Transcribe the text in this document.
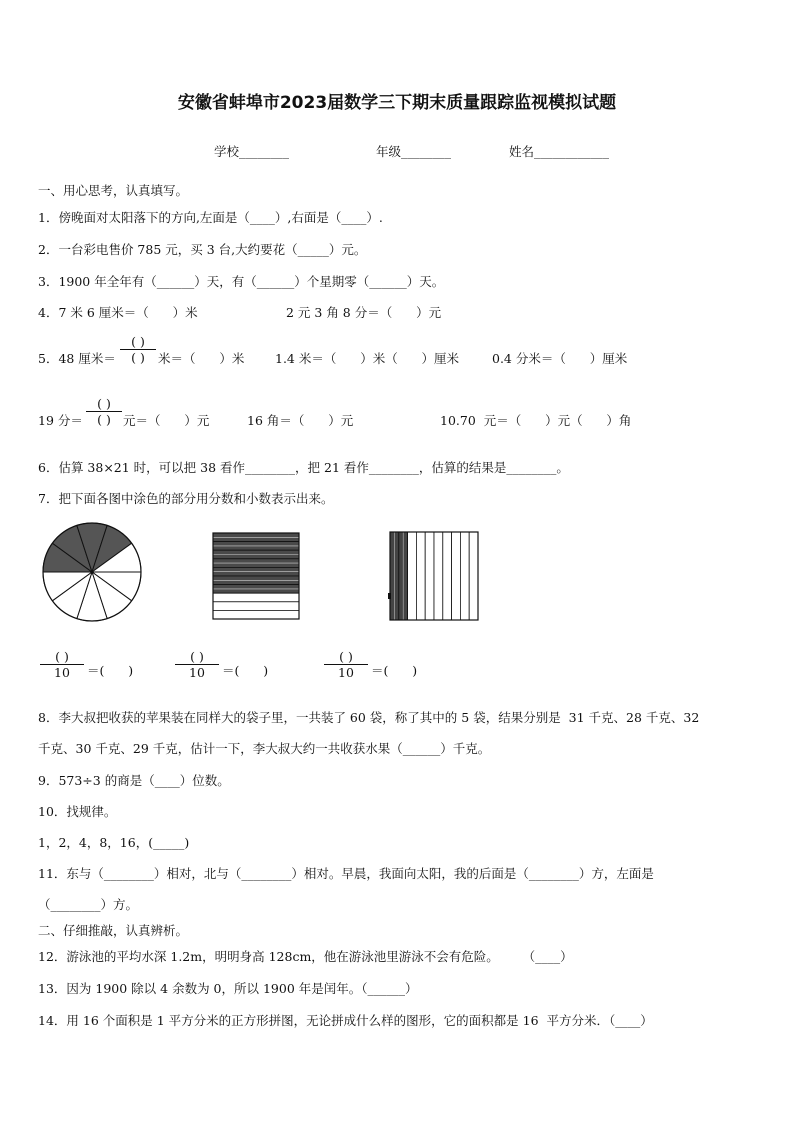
安徽省蚌埠市2023届数学三下期末质量跟踪监视模拟试题
学校________	年级________	姓名____________
一、用心思考，认真填写。
1．傍晚面对太阳落下的方向,左面是（____）,右面是（____）.
2．一台彩电售价 785 元，买 3 台,大约要花（_____）元。
3．1900 年全年有（______）天，有（______）个星期零（______）天。
4．7 米 6 厘米＝（      ）米	2 元 3 角 8 分＝（      ）元
5．48 厘米＝
( )
( ) 米＝（      ）米 1.4 米＝（      ）米（      ）厘米	0.4 分米＝（      ）厘米
19 分＝
( )
( ) 元＝（      ）元	16 角＝（      ）元	10.70  元＝（      ）元（      ）角
6．估算 38×21 时，可以把 38 看作________，把 21 看作________，估算的结果是________。
7．把下面各图中涂色的部分用分数和小数表示出来。
( )
10 ＝(      )
( )
10 ＝(      )
( )
10 ＝(      )
8．李大叔把收获的苹果装在同样大的袋子里，一共装了 60 袋，称了其中的 5 袋，结果分别是  31 千克、28 千克、32
千克、30 千克、29 千克，估计一下，李大叔大约一共收获水果（______）千克。
9．573÷3 的商是（____）位数。
10．找规律。
1，2，4，8，16，(_____)
11．东与（________）相对，北与（________）相对。早晨，我面向太阳，我的后面是（________）方，左面是
（________）方。
二、仔细推敲，认真辨析。
12．游泳池的平均水深 1.2m，明明身高 128cm，他在游泳池里游泳不会有危险。      （____）
13．因为 1900 除以 4 余数为 0，所以 1900 年是闰年。（______）
14．用 16 个面积是 1 平方分米的正方形拼图，无论拼成什么样的图形，它的面积都是 16  平方分米．（____）
